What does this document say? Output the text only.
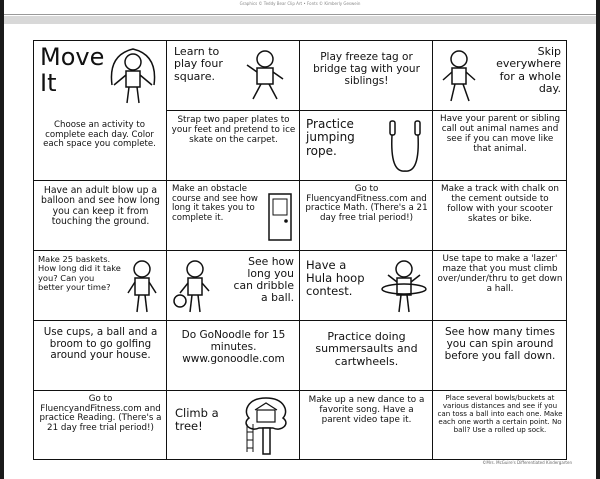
Graphics © Teddy Bear Clip Art • Fonts © Kimberly Geswein
Move It
Choose an activity to complete each day. Color each space you complete.
Learn to play four square.
Play freeze tag or bridge tag with your siblings!
Skip everywhere for a whole day.
Strap two paper plates to your feet and pretend to ice skate on the carpet.
Practice jumping rope.
Have your parent or sibling call out animal names and see if you can move like that animal.
Have an adult blow up a balloon and see how long you can keep it from touching the ground.
Make an obstacle course and see how long it takes you to complete it.
Go to FluencyandFitness.com and practice Math. (There's a 21 day free trial period!)
Make a track with chalk on the cement outside to follow with your scooter skates or bike.
Make 25 baskets. How long did it take you? Can you better your time?
See how long you can dribble a ball.
Have a Hula hoop contest.
Use tape to make a 'lazer' maze that you must climb over/under/thru to get down a hall.
Use cups, a ball and a broom to go golfing around your house.
Do GoNoodle for 15 minutes. www.gonoodle.com
Practice doing summersaults and cartwheels.
See how many times you can spin around before you fall down.
Go to FluencyandFitness.com and practice Reading. (There's a 21 day free trial period!)
Climb a tree!
Make up a new dance to a favorite song. Have a parent video tape it.
Place several bowls/buckets at various distances and see if you can toss a ball into each one. Make each one worth a certain point. No ball? Use a rolled up sock.
©Mrs. McGuire's Differentiated Kindergarten
